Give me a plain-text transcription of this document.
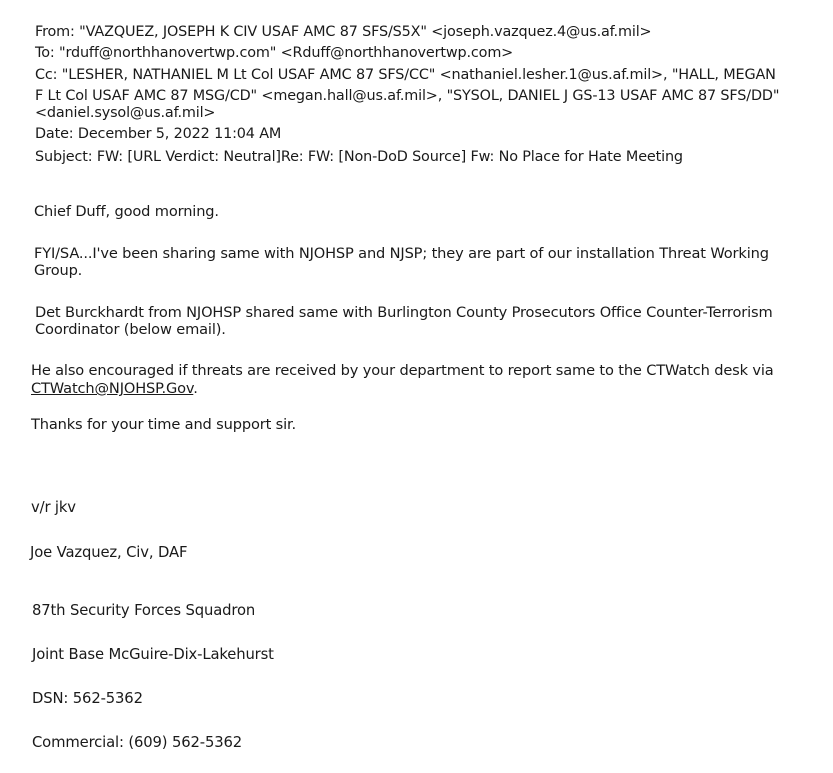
From: "VAZQUEZ, JOSEPH K CIV USAF AMC 87 SFS/S5X" <joseph.vazquez.4@us.af.mil>
To: "rduff@northhanovertwp.com" <Rduff@northhanovertwp.com>
Cc: "LESHER, NATHANIEL M Lt Col USAF AMC 87 SFS/CC" <nathaniel.lesher.1@us.af.mil>, "HALL, MEGAN
F Lt Col USAF AMC 87 MSG/CD" <megan.hall@us.af.mil>, "SYSOL, DANIEL J GS-13 USAF AMC 87 SFS/DD"
<daniel.sysol@us.af.mil>
Date: December 5, 2022 11:04 AM
Subject: FW: [URL Verdict: Neutral]Re: FW: [Non-DoD Source] Fw: No Place for Hate Meeting
Chief Duff, good morning.
FYI/SA...I've been sharing same with NJOHSP and NJSP; they are part of our installation Threat Working
Group.
Det Burckhardt from NJOHSP shared same with Burlington County Prosecutors Office Counter-Terrorism
Coordinator (below email).
He also encouraged if threats are received by your department to report same to the CTWatch desk via
CTWatch@NJOHSP.Gov.
Thanks for your time and support sir.
v/r jkv
Joe Vazquez, Civ, DAF
87th Security Forces Squadron
Joint Base McGuire-Dix-Lakehurst
DSN: 562-5362
Commercial: (609) 562-5362
